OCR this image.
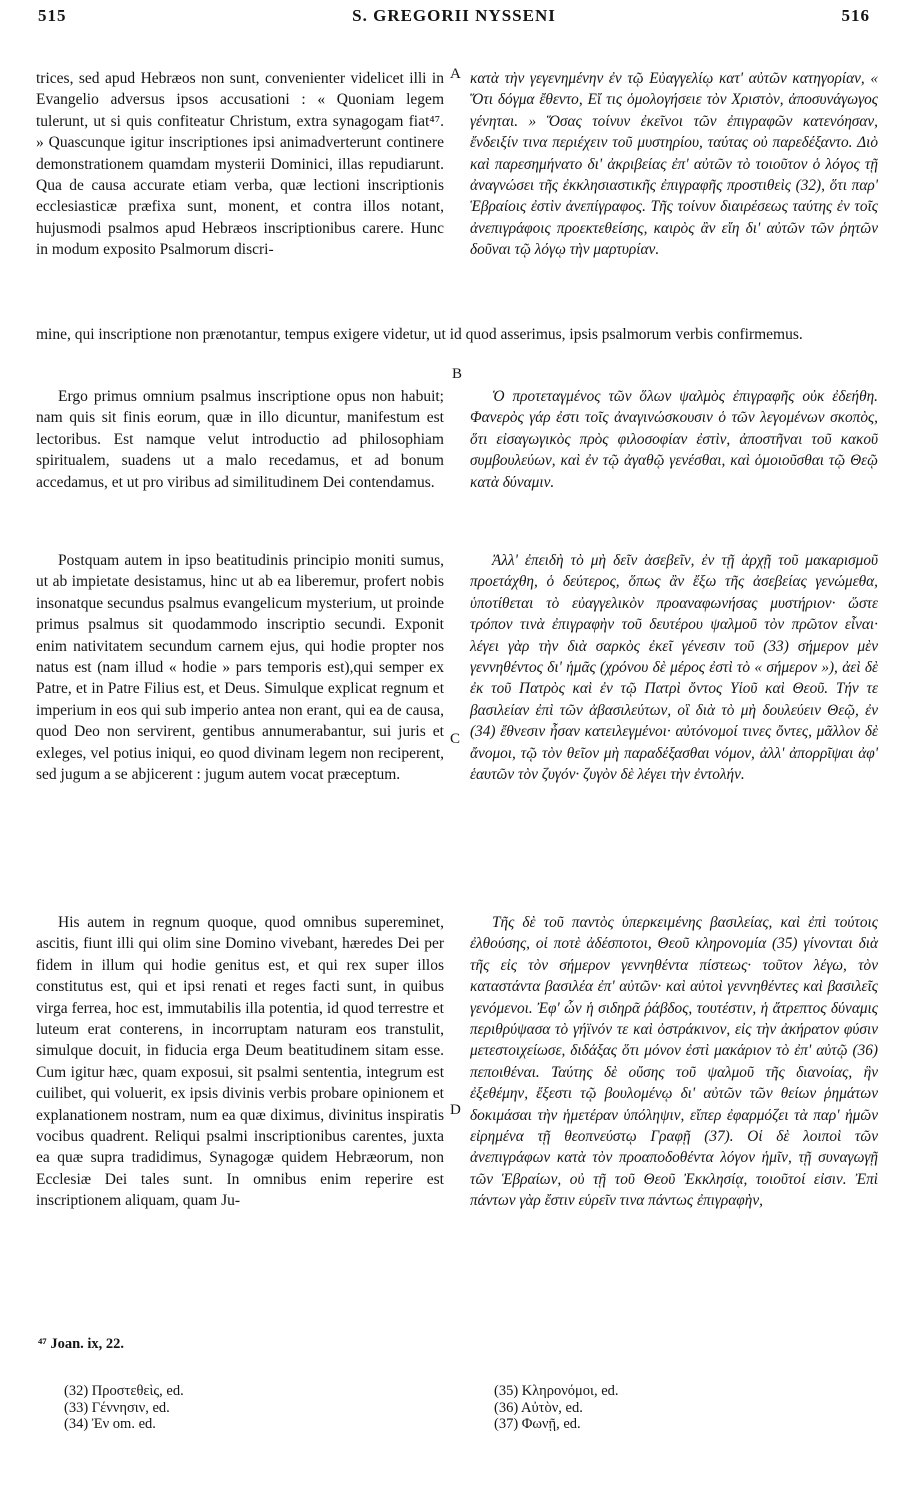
515	S. GREGORII NYSSENI	516
A
B
C
D

trices, sed apud Hebræos non sunt, convenienter videlicet illi in Evangelio adversus ipsos accusationi : « Quoniam legem tulerunt, ut si quis confiteatur Christum, extra synagogam fiat⁴⁷. » Quascunque igitur inscriptiones ipsi animadverterunt continere demonstrationem quamdam mysterii Dominici, illas repudiarunt. Qua de causa accurate etiam verba, quæ lectioni inscriptionis ecclesiasticæ præfixa sunt, monent, et contra illos notant, hujusmodi psalmos apud Hebræos inscriptionibus carere. Hunc in modum exposito Psalmorum discri-

mine, qui inscriptione non prænotantur, tempus exigere videtur, ut id quod asserimus, ipsis psalmorum verbis confirmemus.

Ergo primus omnium psalmus inscriptione opus non habuit; nam quis sit finis eorum, quæ in illo dicuntur, manifestum est lectoribus. Est namque velut introductio ad philosophiam spiritualem, suadens ut a malo recedamus, et ad bonum accedamus, et ut pro viribus ad similitudinem Dei contendamus.

Postquam autem in ipso beatitudinis principio moniti sumus, ut ab impietate desistamus, hinc ut ab ea liberemur, profert nobis insonatque secundus psalmus evangelicum mysterium, ut proinde primus psalmus sit quodammodo inscriptio secundi. Exponit enim nativitatem secundum carnem ejus, qui hodie propter nos natus est (nam illud « hodie » pars temporis est),qui semper ex Patre, et in Patre Filius est, et Deus. Simulque explicat regnum et imperium in eos qui sub imperio antea non erant, qui ea de causa, quod Deo non servirent, gentibus annumerabantur, sui juris et exleges, vel potius iniqui, eo quod divinam legem non reciperent, sed jugum a se abjicerent : jugum autem vocat præceptum.

His autem in regnum quoque, quod omnibus supereminet, ascitis, fiunt illi qui olim sine Domino vivebant, hæredes Dei per fidem in illum qui hodie genitus est, et qui rex super illos constitutus est, qui et ipsi renati et reges facti sunt, in quibus virga ferrea, hoc est, immutabilis illa potentia, id quod terrestre et luteum erat conterens, in incorruptam naturam eos transtulit, simulque docuit, in fiducia erga Deum beatitudinem sitam esse. Cum igitur hæc, quam exposui, sit psalmi sententia, integrum est cuilibet, qui voluerit, ex ipsis divinis verbis probare opinionem et explanationem nostram, num ea quæ diximus, divinitus inspiratis vocibus quadrent. Reliqui psalmi inscriptionibus carentes, juxta ea quæ supra tradidimus, Synagogæ quidem Hebræorum, non Ecclesiæ Dei tales sunt. In omnibus enim reperire est inscriptionem aliquam, quam Ju-

κατὰ τὴν γεγενημένην ἐν τῷ Εὐαγγελίῳ κατ' αὐτῶν κατηγορίαν, « Ὅτι δόγμα ἔθεντο, Εἴ τις ὁμολογήσειε τὸν Χριστὸν, ἀποσυνάγωγος γένηται. » Ὅσας τοίνυν ἐκεῖνοι τῶν ἐπιγραφῶν κατενόησαν, ἔνδειξίν τινα περιέχειν τοῦ μυστηρίου, ταύτας οὐ παρεδέξαντο. Διὸ καὶ παρεσημήνατο δι' ἀκριβείας ἐπ' αὐτῶν τὸ τοιοῦτον ὁ λόγος τῇ ἀναγνώσει τῆς ἐκκλησιαστικῆς ἐπιγραφῆς προστιθεὶς (32), ὅτι παρ' Ἑβραίοις ἐστὶν ἀνεπίγραφος. Τῆς τοίνυν διαιρέσεως ταύτης ἐν τοῖς ἀνεπιγράφοις προεκτεθείσης, καιρὸς ἂν εἴη δι' αὐτῶν τῶν ῥητῶν δοῦναι τῷ λόγῳ τὴν μαρτυρίαν.

Ὁ προτεταγμένος τῶν ὅλων ψαλμὸς ἐπιγραφῆς οὐκ ἐδεήθη. Φανερὸς γάρ ἐστι τοῖς ἀναγινώσκουσιν ὁ τῶν λεγομένων σκοπὸς, ὅτι εἰσαγωγικὸς πρὸς φιλοσοφίαν ἐστὶν, ἀποστῆναι τοῦ κακοῦ συμβουλεύων, καὶ ἐν τῷ ἀγαθῷ γενέσθαι, καὶ ὁμοιοῦσθαι τῷ Θεῷ κατὰ δύναμιν.

Ἀλλ' ἐπειδὴ τὸ μὴ δεῖν ἀσεβεῖν, ἐν τῇ ἀρχῇ τοῦ μακαρισμοῦ προετάχθη, ὁ δεύτερος, ὅπως ἂν ἔξω τῆς ἀσεβείας γενώμεθα, ὑποτίθεται τὸ εὐαγγελικὸν προαναφωνήσας μυστήριον· ὥστε τρόπον τινὰ ἐπιγραφὴν τοῦ δευτέρου ψαλμοῦ τὸν πρῶτον εἶναι· λέγει γὰρ τὴν διὰ σαρκὸς ἐκεῖ γένεσιν τοῦ (33) σήμερον μὲν γεννηθέντος δι' ἡμᾶς (χρόνου δὲ μέρος ἐστὶ τὸ « σήμερον »), ἀεὶ δὲ ἐκ τοῦ Πατρὸς καὶ ἐν τῷ Πατρὶ ὄντος Υἱοῦ καὶ Θεοῦ. Τήν τε βασιλείαν ἐπὶ τῶν ἀβασιλεύτων, οἳ διὰ τὸ μὴ δουλεύειν Θεῷ, ἐν (34) ἔθνεσιν ἦσαν κατειλεγμένοι· αὐτόνομοί τινες ὄντες, μᾶλλον δὲ ἄνομοι, τῷ τὸν θεῖον μὴ παραδέξασθαι νόμον, ἀλλ' ἀπορρῖψαι ἀφ' ἑαυτῶν τὸν ζυγόν· ζυγὸν δὲ λέγει τὴν ἐντολήν.

Τῆς δὲ τοῦ παντὸς ὑπερκειμένης βασιλείας, καὶ ἐπὶ τούτοις ἐλθούσης, οἱ ποτὲ ἀδέσποτοι, Θεοῦ κληρονομία (35) γίνονται διὰ τῆς εἰς τὸν σήμερον γεννηθέντα πίστεως· τοῦτον λέγω, τὸν καταστάντα βασιλέα ἐπ' αὐτῶν· καὶ αὐτοὶ γεννηθέντες καὶ βασιλεῖς γενόμενοι. Ἐφ' ὧν ἡ σιδηρᾶ ῥάβδος, τουτέστιν, ἡ ἄτρεπτος δύναμις περιθρύψασα τὸ γήϊνόν τε καὶ ὀστράκινον, εἰς τὴν ἀκήρατον φύσιν μετεστοιχείωσε, διδάξας ὅτι μόνον ἐστὶ μακάριον τὸ ἐπ' αὐτῷ (36) πεποιθέναι. Ταύτης δὲ οὔσης τοῦ ψαλμοῦ τῆς διανοίας, ἣν ἐξεθέμην, ἔξεστι τῷ βουλομένῳ δι' αὐτῶν τῶν θείων ῥημάτων δοκιμάσαι τὴν ἡμετέραν ὑπόληψιν, εἴπερ ἐφαρμόζει τὰ παρ' ἡμῶν εἰρημένα τῇ θεοπνεύστῳ Γραφῇ (37). Οἱ δὲ λοιποὶ τῶν ἀνεπιγράφων κατὰ τὸν προαποδοθέντα λόγον ἡμῖν, τῇ συναγωγῇ τῶν Ἑβραίων, οὐ τῇ τοῦ Θεοῦ Ἐκκλησίᾳ, τοιοῦτοί εἰσιν. Ἐπὶ πάντων γὰρ ἔστιν εὑρεῖν τινα πάντως ἐπιγραφὴν,

⁴⁷ Joan. ix, 22.
(32) Προστεθεὶς, ed.
(33) Γέννησιν, ed.
(34) Ἐν om. ed.
(35) Κληρονόμοι, ed.
(36) Αὐτὸν, ed.
(37) Φωνῇ, ed.
